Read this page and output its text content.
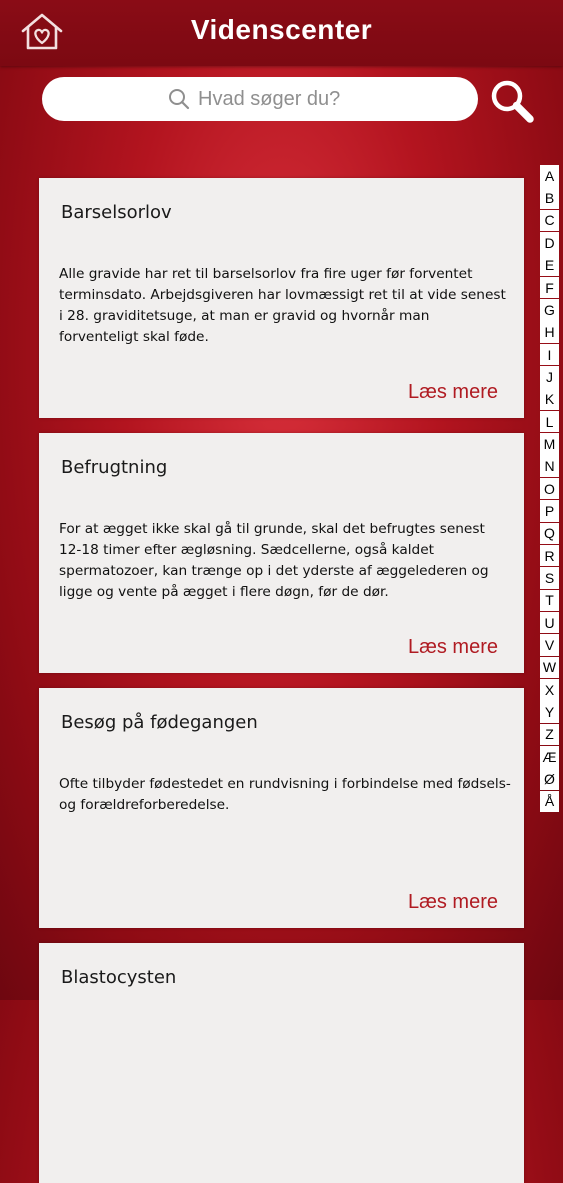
Videnscenter
Hvad søger du?
Barselsorlov
Alle gravide har ret til barselsorlov fra fire uger før forventet terminsdato. Arbejdsgiveren har lovmæssigt ret til at vide senest i 28. graviditetsuge, at man er gravid og hvornår man forventeligt skal føde.
Læs mere
Befrugtning
For at ægget ikke skal gå til grunde, skal det befrugtes senest 12-18 timer efter ægløsning. Sædcellerne, også kaldet spermatozoer, kan trænge op i det yderste af æggelederen og ligge og vente på ægget i flere døgn, før de dør.
Læs mere
Besøg på fødegangen
Ofte tilbyder fødestedet en rundvisning i forbindelse med fødsels- og forældreforberedelse.
Læs mere
Blastocysten
A
B
C
D
E
F
G
H
I
J
K
L
M
N
O
P
Q
R
S
T
U
V
W
X
Y
Z
Æ
Ø
Å
